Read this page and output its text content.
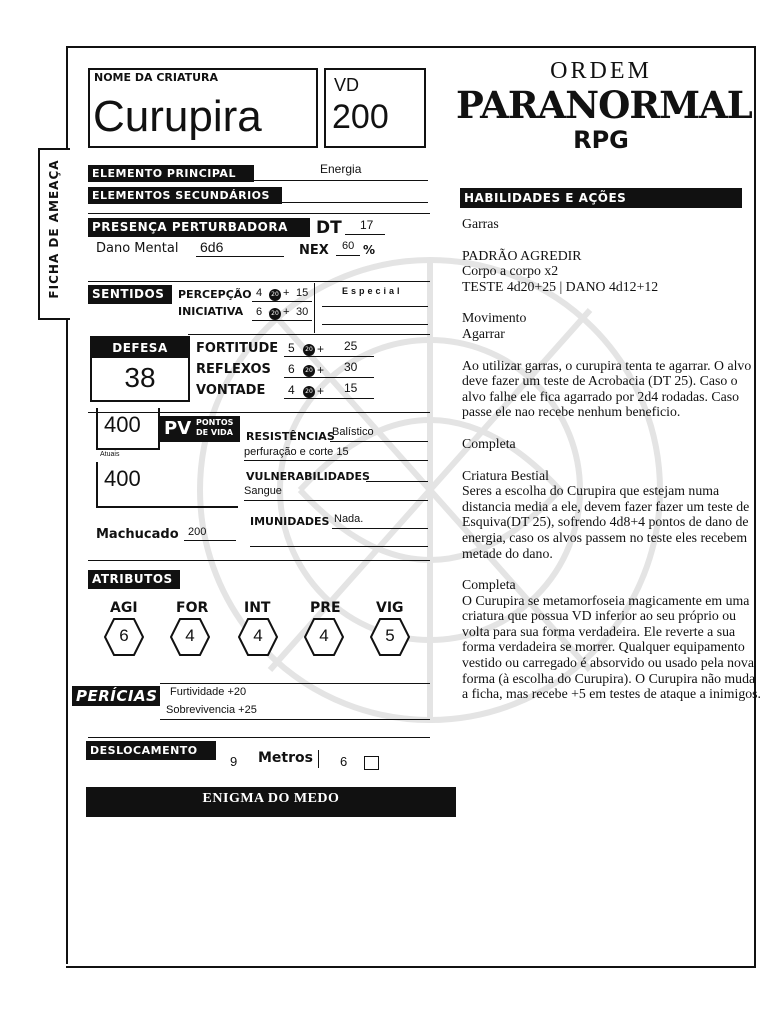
FICHA DE AMEAÇA
NOME DA CRIATURA
Curupira
VD
200
ORDEM
PARANORMAL
RPG
ELEMENTO PRINCIPAL	Energia
ELEMENTOS SECUNDÁRIOS
PRESENÇA PERTURBADORA	DT 17
Dano Mental 6d6	NEX 60 %
SENTIDOS	PERCEPÇÃO 4	20 + 15
INICIATIVA 6	20 + 30
Especial
DEFESA
38
FORTITUDE 5	20 + 25
REFLEXOS 6	20 + 30
VONTADE 4	20 + 15
400
Atuais
PV PONTOS
DE VIDA
400
Machucado 200
RESISTÊNCIAS
Balístico
perfuração e corte 15
VULNERABILIDADES
Sangue
IMUNIDADES Nada.
ATRIBUTOS
AGI
6
FOR
4
INT
4
PRE
4
VIG
5
PERÍCIAS Furtividade +20
Sobrevivencia +25
DESLOCAMENTO
9 Metros 6
ENIGMA DO MEDO
HABILIDADES E AÇÕES

Garras

PADRÃO AGREDIR
Corpo a corpo x2
TESTE 4d20+25 | DANO 4d12+12

Movimento
Agarrar

Ao utilizar garras, o curupira tenta te agarrar. O alvo deve fazer um teste de Acrobacia (DT 25). Caso o alvo falhe ele fica agarrado por 2d4 rodadas. Caso passe ele nao recebe nenhum beneficio.

Completa

Criatura Bestial
Seres a escolha do Curupira que estejam numa distancia media a ele, devem fazer fazer um teste de Esquiva(DT 25), sofrendo 4d8+4 pontos de dano de energia, caso os alvos passem no teste eles recebem metade do dano.

Completa
O Curupira se metamorfoseia magicamente em uma criatura que possua VD inferior ao seu próprio ou volta para sua forma verdadeira. Ele reverte a sua forma verdadeira se morrer. Qualquer equipamento vestido ou carregado é absorvido ou usado pela nova forma (à escolha do Curupira). O Curupira não muda a ficha, mas recebe +5 em testes de ataque a inimigos.
